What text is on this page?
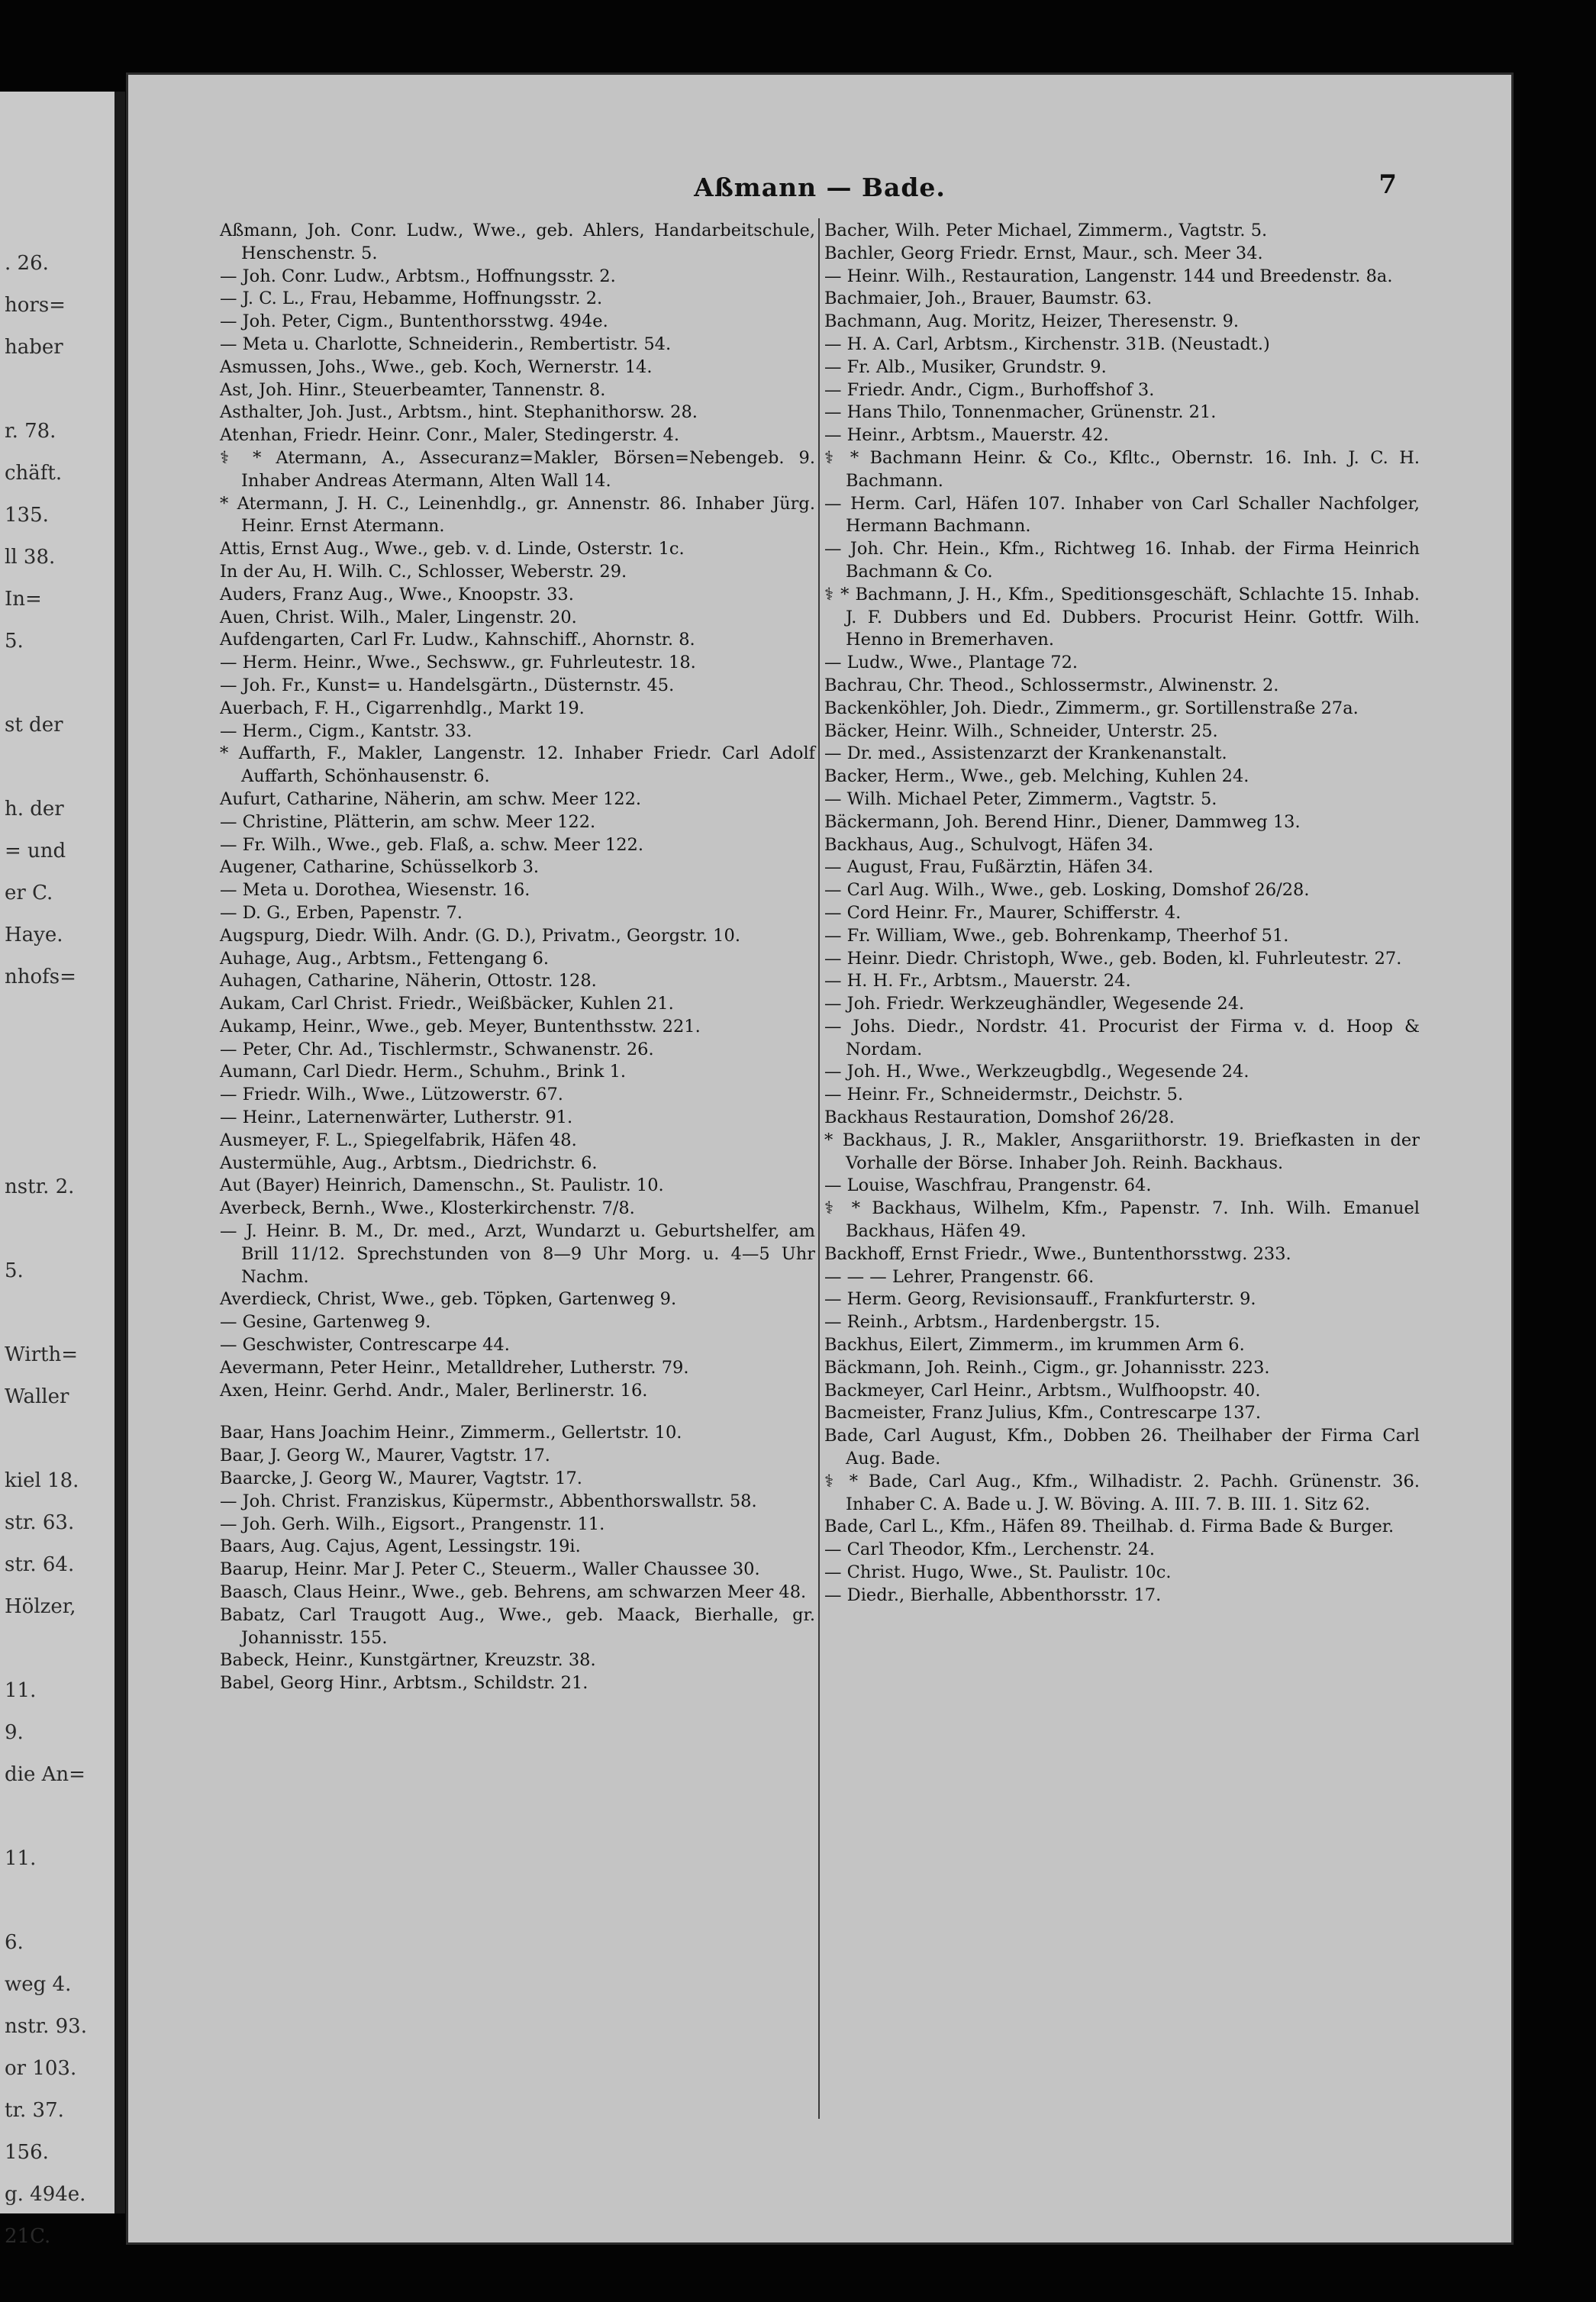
. 26.
hors=
haber
r. 78.
chäft.
135.
ll 38.
In=
5.
st der
h. der
= und
er C.
Haye.
nhofs=
nstr. 2.
5.
Wirth=
Waller
kiel 18.
str. 63.
str. 64.
Hölzer,
11.
9.
die An=
11.
6.
weg 4.
nstr. 93.
or 103.
tr. 37.
156.
g. 494e.
21C.
Aßmann — Bade.	7
Aßmann, Joh. Conr. Ludw., Wwe., geb. Ahlers, Handarbeitschule, Henschenstr. 5.
— Joh. Conr. Ludw., Arbtsm., Hoffnungsstr. 2.
— J. C. L., Frau, Hebamme, Hoffnungsstr. 2.
— Joh. Peter, Cigm., Buntenthorsstwg. 494e.
— Meta u. Charlotte, Schneiderin., Rembertistr. 54.
Asmussen, Johs., Wwe., geb. Koch, Wernerstr. 14.
Ast, Joh. Hinr., Steuerbeamter, Tannenstr. 8.
Asthalter, Joh. Just., Arbtsm., hint. Stephanithorsw. 28.
Atenhan, Friedr. Heinr. Conr., Maler, Stedingerstr. 4.
⚕ * Atermann, A., Assecuranz=Makler, Börsen=Nebengeb. 9. Inhaber Andreas Atermann, Alten Wall 14.
* Atermann, J. H. C., Leinenhdlg., gr. Annenstr. 86. Inhaber Jürg. Heinr. Ernst Atermann.
Attis, Ernst Aug., Wwe., geb. v. d. Linde, Osterstr. 1c.
In der Au, H. Wilh. C., Schlosser, Weberstr. 29.
Auders, Franz Aug., Wwe., Knoopstr. 33.
Auen, Christ. Wilh., Maler, Lingenstr. 20.
Aufdengarten, Carl Fr. Ludw., Kahnschiff., Ahornstr. 8.
— Herm. Heinr., Wwe., Sechsww., gr. Fuhrleutestr. 18.
— Joh. Fr., Kunst= u. Handelsgärtn., Düsternstr. 45.
Auerbach, F. H., Cigarrenhdlg., Markt 19.
— Herm., Cigm., Kantstr. 33.
* Auffarth, F., Makler, Langenstr. 12. Inhaber Friedr. Carl Adolf Auffarth, Schönhausenstr. 6.
Aufurt, Catharine, Näherin, am schw. Meer 122.
— Christine, Plätterin, am schw. Meer 122.
— Fr. Wilh., Wwe., geb. Flaß, a. schw. Meer 122.
Augener, Catharine, Schüsselkorb 3.
— Meta u. Dorothea, Wiesenstr. 16.
— D. G., Erben, Papenstr. 7.
Augspurg, Diedr. Wilh. Andr. (G. D.), Privatm., Georgstr. 10.
Auhage, Aug., Arbtsm., Fettengang 6.
Auhagen, Catharine, Näherin, Ottostr. 128.
Aukam, Carl Christ. Friedr., Weißbäcker, Kuhlen 21.
Aukamp, Heinr., Wwe., geb. Meyer, Buntenthsstw. 221.
— Peter, Chr. Ad., Tischlermstr., Schwanenstr. 26.
Aumann, Carl Diedr. Herm., Schuhm., Brink 1.
— Friedr. Wilh., Wwe., Lützowerstr. 67.
— Heinr., Laternenwärter, Lutherstr. 91.
Ausmeyer, F. L., Spiegelfabrik, Häfen 48.
Austermühle, Aug., Arbtsm., Diedrichstr. 6.
Aut (Bayer) Heinrich, Damenschn., St. Paulistr. 10.
Averbeck, Bernh., Wwe., Klosterkirchenstr. 7/8.
— J. Heinr. B. M., Dr. med., Arzt, Wundarzt u. Geburtshelfer, am Brill 11/12. Sprechstunden von 8—9 Uhr Morg. u. 4—5 Uhr Nachm.
Averdieck, Christ, Wwe., geb. Töpken, Gartenweg 9.
— Gesine, Gartenweg 9.
— Geschwister, Contrescarpe 44.
Aevermann, Peter Heinr., Metalldreher, Lutherstr. 79.
Axen, Heinr. Gerhd. Andr., Maler, Berlinerstr. 16.
Baar, Hans Joachim Heinr., Zimmerm., Gellertstr. 10.
Baar, J. Georg W., Maurer, Vagtstr. 17.
Baarcke, J. Georg W., Maurer, Vagtstr. 17.
— Joh. Christ. Franziskus, Küpermstr., Abbenthorswallstr. 58.
— Joh. Gerh. Wilh., Eigsort., Prangenstr. 11.
Baars, Aug. Cajus, Agent, Lessingstr. 19i.
Baarup, Heinr. Mar J. Peter C., Steuerm., Waller Chaussee 30.
Baasch, Claus Heinr., Wwe., geb. Behrens, am schwarzen Meer 48.
Babatz, Carl Traugott Aug., Wwe., geb. Maack, Bierhalle, gr. Johannisstr. 155.
Babeck, Heinr., Kunstgärtner, Kreuzstr. 38.
Babel, Georg Hinr., Arbtsm., Schildstr. 21.
Bacher, Wilh. Peter Michael, Zimmerm., Vagtstr. 5.
Bachler, Georg Friedr. Ernst, Maur., sch. Meer 34.
— Heinr. Wilh., Restauration, Langenstr. 144 und Breedenstr. 8a.
Bachmaier, Joh., Brauer, Baumstr. 63.
Bachmann, Aug. Moritz, Heizer, Theresenstr. 9.
— H. A. Carl, Arbtsm., Kirchenstr. 31B. (Neustadt.)
— Fr. Alb., Musiker, Grundstr. 9.
— Friedr. Andr., Cigm., Burhoffshof 3.
— Hans Thilo, Tonnenmacher, Grünenstr. 21.
— Heinr., Arbtsm., Mauerstr. 42.
⚕ * Bachmann Heinr. & Co., Kfltc., Obernstr. 16. Inh. J. C. H. Bachmann.
— Herm. Carl, Häfen 107. Inhaber von Carl Schaller Nachfolger, Hermann Bachmann.
— Joh. Chr. Hein., Kfm., Richtweg 16. Inhab. der Firma Heinrich Bachmann & Co.
⚕ * Bachmann, J. H., Kfm., Speditionsgeschäft, Schlachte 15. Inhab. J. F. Dubbers und Ed. Dubbers. Procurist Heinr. Gottfr. Wilh. Henno in Bremerhaven.
— Ludw., Wwe., Plantage 72.
Bachrau, Chr. Theod., Schlossermstr., Alwinenstr. 2.
Backenköhler, Joh. Diedr., Zimmerm., gr. Sortillenstraße 27a.
Bäcker, Heinr. Wilh., Schneider, Unterstr. 25.
— Dr. med., Assistenzarzt der Krankenanstalt.
Backer, Herm., Wwe., geb. Melching, Kuhlen 24.
— Wilh. Michael Peter, Zimmerm., Vagtstr. 5.
Bäckermann, Joh. Berend Hinr., Diener, Dammweg 13.
Backhaus, Aug., Schulvogt, Häfen 34.
— August, Frau, Fußärztin, Häfen 34.
— Carl Aug. Wilh., Wwe., geb. Losking, Domshof 26/28.
— Cord Heinr. Fr., Maurer, Schifferstr. 4.
— Fr. William, Wwe., geb. Bohrenkamp, Theerhof 51.
— Heinr. Diedr. Christoph, Wwe., geb. Boden, kl. Fuhrleutestr. 27.
— H. H. Fr., Arbtsm., Mauerstr. 24.
— Joh. Friedr. Werkzeughändler, Wegesende 24.
— Johs. Diedr., Nordstr. 41. Procurist der Firma v. d. Hoop & Nordam.
— Joh. H., Wwe., Werkzeugbdlg., Wegesende 24.
— Heinr. Fr., Schneidermstr., Deichstr. 5.
Backhaus Restauration, Domshof 26/28.
* Backhaus, J. R., Makler, Ansgariithorstr. 19. Briefkasten in der Vorhalle der Börse. Inhaber Joh. Reinh. Backhaus.
— Louise, Waschfrau, Prangenstr. 64.
⚕ * Backhaus, Wilhelm, Kfm., Papenstr. 7. Inh. Wilh. Emanuel Backhaus, Häfen 49.
Backhoff, Ernst Friedr., Wwe., Buntenthorsstwg. 233.
— — — Lehrer, Prangenstr. 66.
— Herm. Georg, Revisionsauff., Frankfurterstr. 9.
— Reinh., Arbtsm., Hardenbergstr. 15.
Backhus, Eilert, Zimmerm., im krummen Arm 6.
Bäckmann, Joh. Reinh., Cigm., gr. Johannisstr. 223.
Backmeyer, Carl Heinr., Arbtsm., Wulfhoopstr. 40.
Bacmeister, Franz Julius, Kfm., Contrescarpe 137.
Bade, Carl August, Kfm., Dobben 26. Theilhaber der Firma Carl Aug. Bade.
⚕ * Bade, Carl Aug., Kfm., Wilhadistr. 2. Pachh. Grünenstr. 36. Inhaber C. A. Bade u. J. W. Böving. A. III. 7. B. III. 1. Sitz 62.
Bade, Carl L., Kfm., Häfen 89. Theilhab. d. Firma Bade & Burger.
— Carl Theodor, Kfm., Lerchenstr. 24.
— Christ. Hugo, Wwe., St. Paulistr. 10c.
— Diedr., Bierhalle, Abbenthorsstr. 17.
